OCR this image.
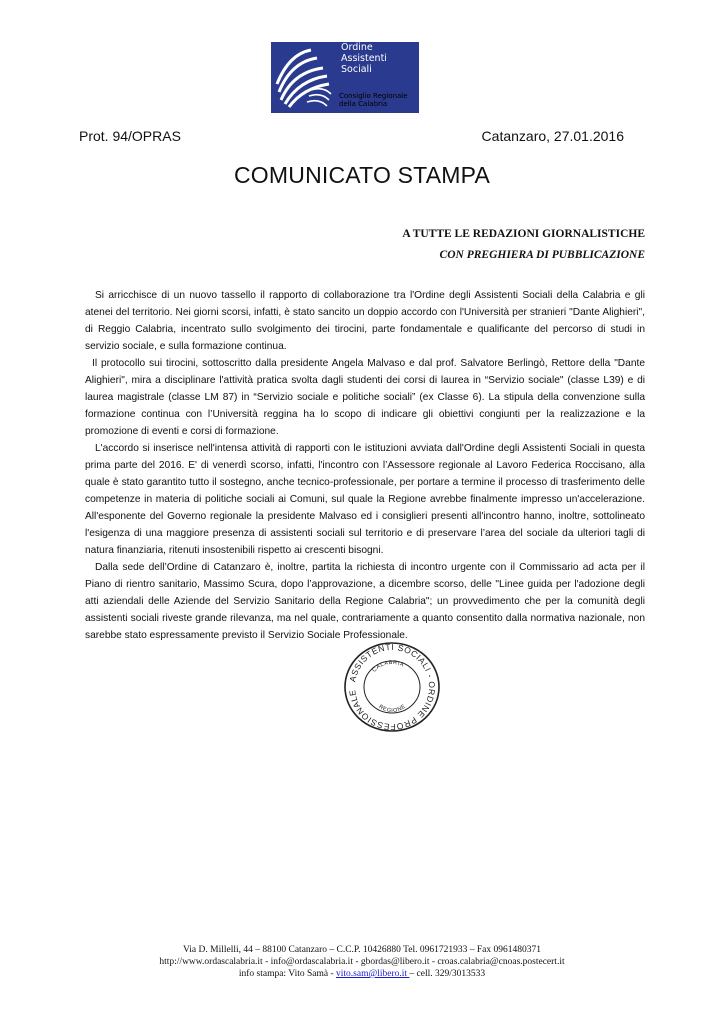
Ordine
Assistenti
Sociali
Consiglio Regionale
della Calabria
Prot. 94/OPRAS	Catanzaro, 27.01.2016
COMUNICATO STAMPA
A TUTTE LE REDAZIONI GIORNALISTICHE
CON PREGHIERA DI PUBBLICAZIONE

Si arricchisce di un nuovo tassello il rapporto di collaborazione tra l'Ordine degli Assistenti Sociali della Calabria e gli atenei del territorio. Nei giorni scorsi, infatti, è stato sancito un doppio accordo con l'Università per stranieri "Dante Alighieri", di Reggio Calabria, incentrato sullo svolgimento dei tirocini, parte fondamentale e qualificante del percorso di studi in servizio sociale, e sulla formazione continua.

Il protocollo sui tirocini, sottoscritto dalla presidente Angela Malvaso e dal prof. Salvatore Berlingò, Rettore della "Dante Alighieri", mira a disciplinare l'attività pratica svolta dagli studenti dei corsi di laurea in “Servizio sociale" (classe L39) e di laurea magistrale (classe LM 87) in “Servizio sociale e politiche sociali” (ex Classe 6). La stipula della convenzione sulla formazione continua con l’Università reggina ha lo scopo di indicare gli obiettivi congiunti per la realizzazione e la promozione di eventi e corsi di formazione.

L'accordo si inserisce nell'intensa attività di rapporti con le istituzioni avviata dall'Ordine degli Assistenti Sociali in questa prima parte del 2016. E' di venerdì scorso, infatti, l'incontro con l’Assessore regionale al Lavoro Federica Roccisano, alla quale è stato garantito tutto il sostegno, anche tecnico-professionale, per portare a termine il processo di trasferimento delle competenze in materia di politiche sociali ai Comuni, sul quale la Regione avrebbe finalmente impresso un'accelerazione. All'esponente del Governo regionale la presidente Malvaso ed i consiglieri presenti all'incontro hanno, inoltre, sottolineato l'esigenza di una maggiore presenza di assistenti sociali sul territorio e di preservare l’area del sociale da ulteriori tagli di natura finanziaria, ritenuti insostenibili rispetto ai crescenti bisogni.

Dalla sede dell’Ordine di Catanzaro è, inoltre, partita la richiesta di incontro urgente con il Commissario ad acta per il Piano di rientro sanitario, Massimo Scura, dopo l’approvazione, a dicembre scorso, delle "Linee guida per l'adozione degli atti aziendali delle Aziende del Servizio Sanitario della Regione Calabria"; un provvedimento che per la comunità degli assistenti sociali riveste grande rilevanza, ma nel quale, contrariamente a quanto consentito dalla normativa nazionale, non sarebbe stato espressamente previsto il Servizio Sociale Professionale.

ASSISTENTI SOCIALI - ORDINE PROFESSIONALE
CALABRIA
REGIONE
Via D. Millelli, 44 – 88100 Catanzaro – C.C.P. 10426880 Tel. 0961721933 – Fax 0961480371
http://www.ordascalabria.it - info@ordascalabria.it - gbordas@libero.it - croas.calabria@cnoas.postecert.it
info stampa: Vito Samà - vito.sam@libero.it – cell. 329/3013533
